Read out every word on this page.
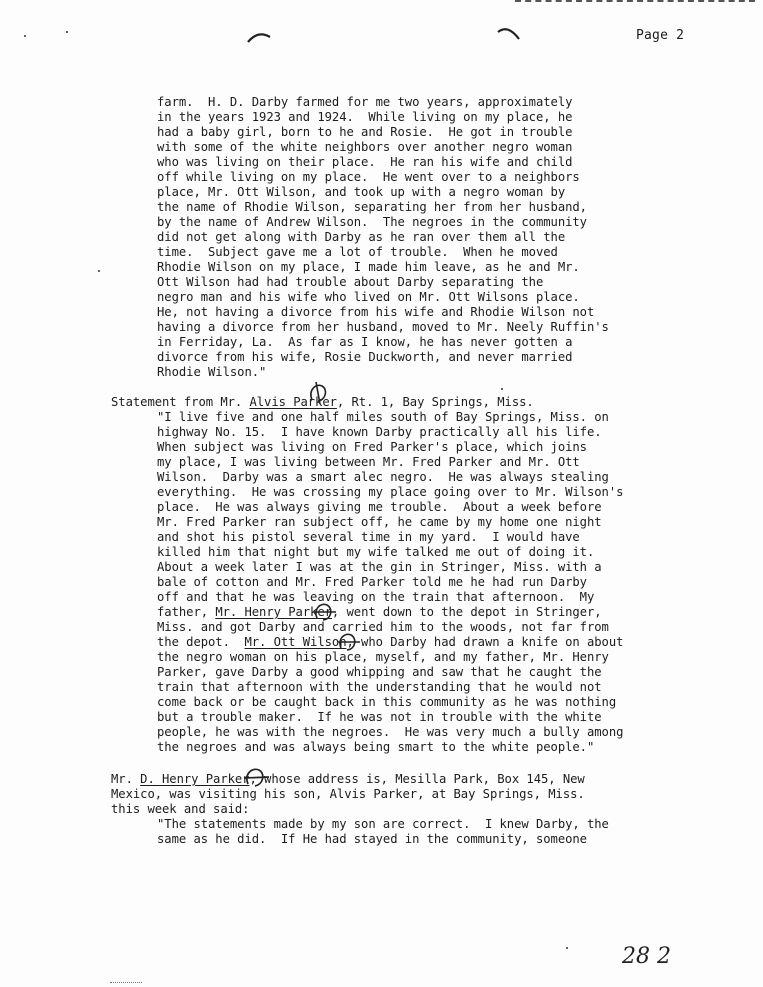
Page 2
farm.  H. D. Darby farmed for me two years, approximately
in the years 1923 and 1924.  While living on my place, he
had a baby girl, born to he and Rosie.  He got in trouble
with some of the white neighbors over another negro woman
who was living on their place.  He ran his wife and child
off while living on my place.  He went over to a neighbors
place, Mr. Ott Wilson, and took up with a negro woman by
the name of Rhodie Wilson, separating her from her husband,
by the name of Andrew Wilson.  The negroes in the community
did not get along with Darby as he ran over them all the
time.  Subject gave me a lot of trouble.  When he moved
Rhodie Wilson on my place, I made him leave, as he and Mr.
Ott Wilson had had trouble about Darby separating the
negro man and his wife who lived on Mr. Ott Wilsons place.
He, not having a divorce from his wife and Rhodie Wilson not
having a divorce from her husband, moved to Mr. Neely Ruffin's
in Ferriday, La.  As far as I know, he has never gotten a
divorce from his wife, Rosie Duckworth, and never married
Rhodie Wilson."
Statement from Mr. Alvis Parker, Rt. 1, Bay Springs, Miss.
"I live five and one half miles south of Bay Springs, Miss. on
highway No. 15.  I have known Darby practically all his life.
When subject was living on Fred Parker's place, which joins
my place, I was living between Mr. Fred Parker and Mr. Ott
Wilson.  Darby was a smart alec negro.  He was always stealing
everything.  He was crossing my place going over to Mr. Wilson's
place.  He was always giving me trouble.  About a week before
Mr. Fred Parker ran subject off, he came by my home one night
and shot his pistol several time in my yard.  I would have
killed him that night but my wife talked me out of doing it.
About a week later I was at the gin in Stringer, Miss. with a
bale of cotton and Mr. Fred Parker told me he had run Darby
off and that he was leaving on the train that afternoon.  My
father, Mr. Henry Parker, went down to the depot in Stringer,
Miss. and got Darby and carried him to the woods, not far from
the depot.  Mr. Ott Wilson, who Darby had drawn a knife on about
the negro woman on his place, myself, and my father, Mr. Henry
Parker, gave Darby a good whipping and saw that he caught the
train that afternoon with the understanding that he would not
come back or be caught back in this community as he was nothing
but a trouble maker.  If he was not in trouble with the white
people, he was with the negroes.  He was very much a bully among
the negroes and was always being smart to the white people."
Mr. D. Henry Parker, whose address is, Mesilla Park, Box 145, New
Mexico, was visiting his son, Alvis Parker, at Bay Springs, Miss.
this week and said:
"The statements made by my son are correct.  I knew Darby, the
same as he did.  If He had stayed in the community, someone
28 2
